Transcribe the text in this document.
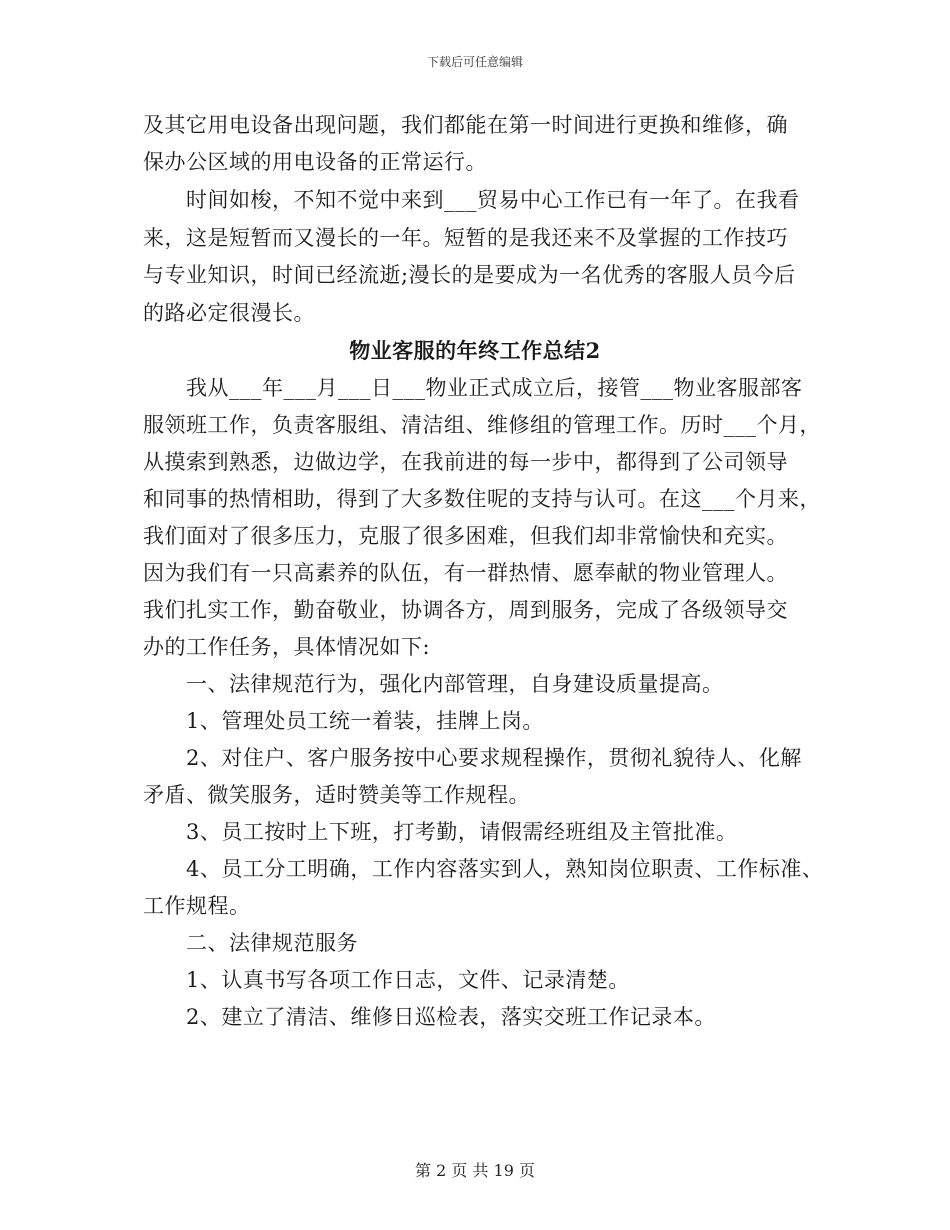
下载后可任意编辑
及其它用电设备出现问题，我们都能在第一时间进行更换和维修，确
保办公区域的用电设备的正常运行。
　　时间如梭，不知不觉中来到___贸易中心工作已有一年了。在我看
来，这是短暂而又漫长的一年。短暂的是我还来不及掌握的工作技巧
与专业知识，时间已经流逝;漫长的是要成为一名优秀的客服人员今后
的路必定很漫长。
物业客服的年终工作总结2
　　我从___年___月___日___物业正式成立后，接管___物业客服部客
服领班工作，负责客服组、清洁组、维修组的管理工作。历时___个月，
从摸索到熟悉，边做边学，在我前进的每一步中，都得到了公司领导
和同事的热情相助，得到了大多数住呢的支持与认可。在这___个月来，
我们面对了很多压力，克服了很多困难，但我们却非常愉快和充实。
因为我们有一只高素养的队伍，有一群热情、愿奉献的物业管理人。
我们扎实工作，勤奋敬业，协调各方，周到服务，完成了各级领导交
办的工作任务，具体情况如下:
　　一、法律规范行为，强化内部管理，自身建设质量提高。
　　1、管理处员工统一着装，挂牌上岗。
　　2、对住户、客户服务按中心要求规程操作，贯彻礼貌待人、化解
矛盾、微笑服务，适时赞美等工作规程。
　　3、员工按时上下班，打考勤，请假需经班组及主管批准。
　　4、员工分工明确，工作内容落实到人，熟知岗位职责、工作标准、
工作规程。
　　二、法律规范服务
　　1、认真书写各项工作日志，文件、记录清楚。
　　2、建立了清洁、维修日巡检表，落实交班工作记录本。
第 2 页 共 19 页
